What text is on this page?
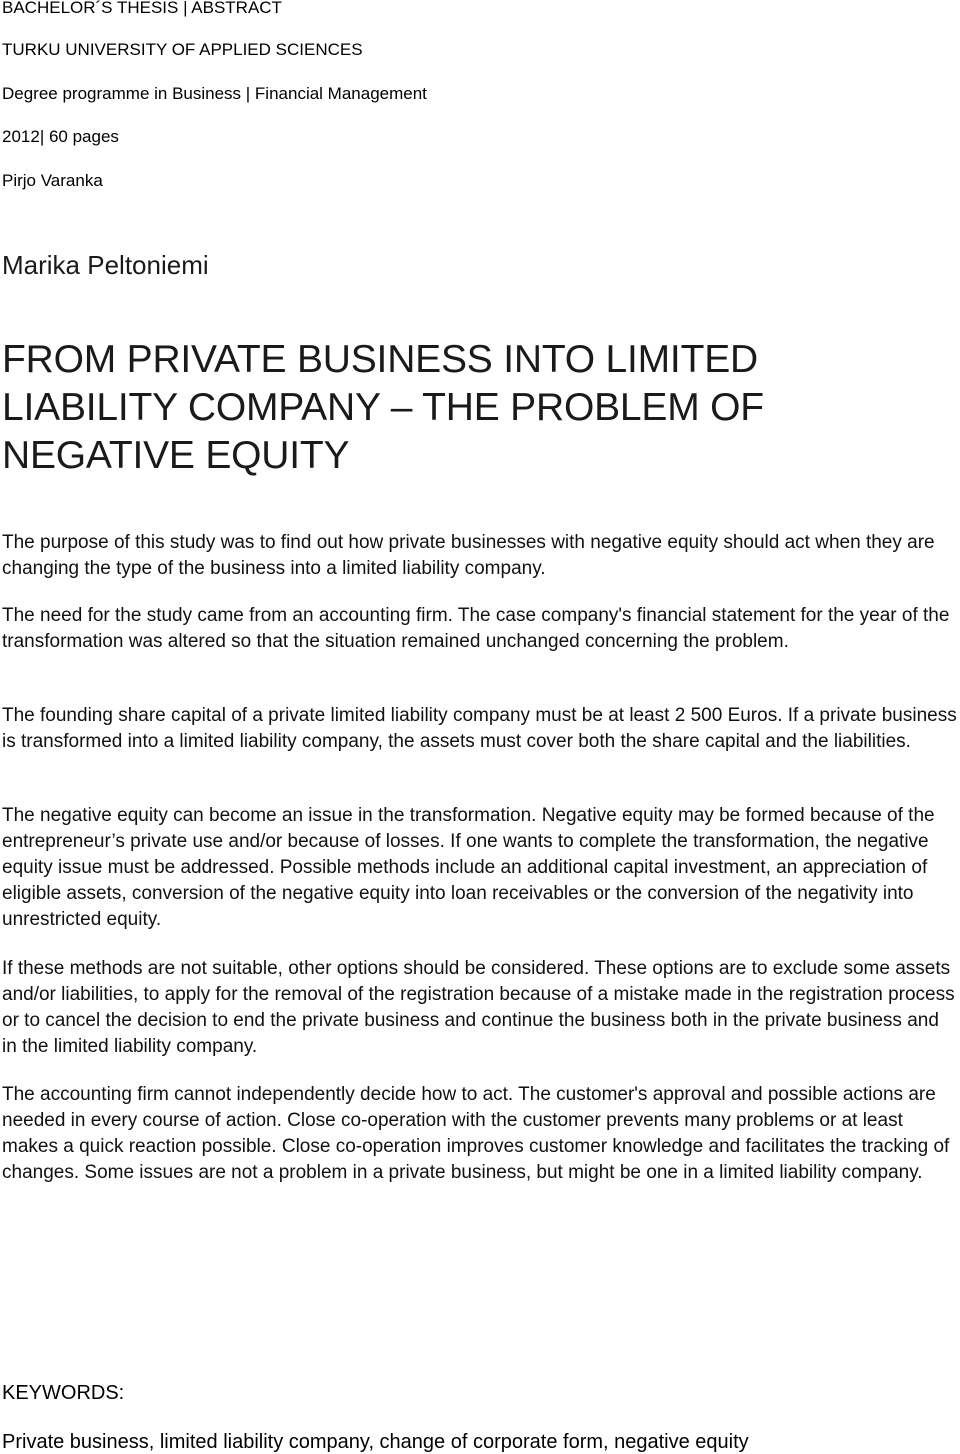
BACHELOR´S THESIS | ABSTRACT
TURKU UNIVERSITY OF APPLIED SCIENCES
Degree programme in Business | Financial Management
2012| 60 pages
Pirjo Varanka
Marika Peltoniemi
FROM PRIVATE BUSINESS INTO LIMITED
LIABILITY COMPANY – THE PROBLEM OF
NEGATIVE EQUITY

The purpose of this study was to find out how private businesses with negative equity should act when they are changing the type of the business into a limited liability company.

The need for the study came from an accounting firm. The case company's financial statement for the year of the transformation was altered so that the situation remained unchanged concerning the problem.

The founding share capital of a private limited liability company must be at least 2 500 Euros. If a private business is transformed into a limited liability company, the assets must cover both the share capital and the liabilities.

The negative equity can become an issue in the transformation. Negative equity may be formed because of the entrepreneur’s private use and/or because of losses. If one wants to complete the transformation, the negative equity issue must be addressed. Possible methods include an additional capital investment, an appreciation of eligible assets, conversion of the negative equity into loan receivables or the conversion of the negativity into unrestricted equity.

If these methods are not suitable, other options should be considered. These options are to exclude some assets and/or liabilities, to apply for the removal of the registration because of a mistake made in the registration process or to cancel the decision to end the private business and continue the business both in the private business and in the limited liability company.

The accounting firm cannot independently decide how to act. The customer's approval and possible actions are needed in every course of action. Close co-operation with the customer prevents many problems or at least makes a quick reaction possible. Close co-operation improves customer knowledge and facilitates the tracking of changes. Some issues are not a problem in a private business, but might be one in a limited liability company.

KEYWORDS:
Private business, limited liability company, change of corporate form, negative equity
